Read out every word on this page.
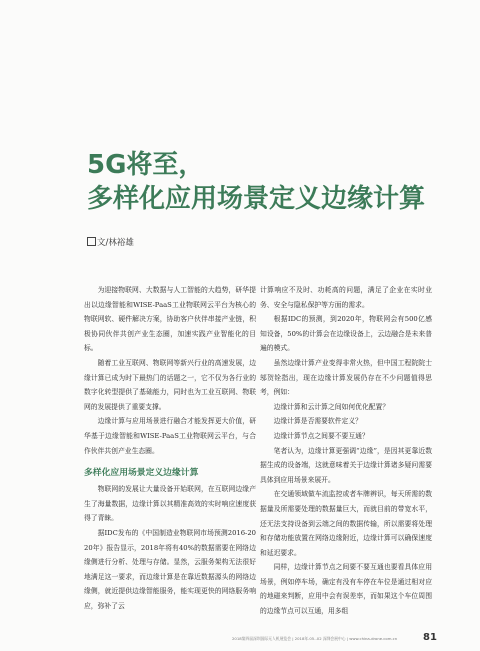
5G将至，
多样化应用场景定义边缘计算
文/林裕雄

为迎接物联网、大数据与人工智能的大趋势，研华提出以边缘智能和WISE-PaaS工业物联网云平台为核心的物联网软、硬件解决方案，协助客户伙伴串接产业链，积极协同伙伴共创产业生态圈，加速实践产业智能化的目标。

随着工业互联网、物联网等新兴行业的高速发展，边缘计算已成为时下最热门的话题之一，它不仅为各行业的数字化转型提供了基础能力，同时也为工业互联网、物联网的发展提供了重要支撑。

边缘计算与应用场景进行融合才能发挥更大价值，研华基于边缘智能和WISE-PaaS工业物联网云平台，与合作伙伴共创产业生态圈。

多样化应用场景定义边缘计算

物联网的发展让大量设备开始联网，在互联网边缘产生了海量数据，边缘计算以其精准高效的实时响应速度获得了青睐。

据IDC发布的《中国制造业物联网市场预测2016-2020年》报告显示，2018年将有40%的数据需要在网络边缘侧进行分析、处理与存储。显然，云服务架构无法很好地满足这一要求，而边缘计算是在靠近数据源头的网络边缘侧，就近提供边缘智能服务，能实现更快的网络服务响应，弥补了云

计算响应不及时、功耗高的问题，满足了企业在实时业务、安全与隐私保护等方面的需求。

根据IDC的预测，到2020年，物联网会有500亿感知设备，50%的计算会在边缘设备上，云边融合是未来普遍的模式。

虽然边缘计算产业变得非常火热，但中国工程院院士邬贺铨指出，现在边缘计算发展仍存在不少问题值得思考，例如：

边缘计算和云计算之间如何优化配置？

边缘计算是否需要软件定义？

边缘计算节点之间要不要互通？

笔者认为，边缘计算更强调“边缘”，是因其更靠近数据生成的设备端，这就意味着关于边缘计算诸多疑问需要具体到应用场景来展开。

在交通领域做车流监控或者车牌辨识，每天所需的数据量及所需要处理的数据量巨大，而就目前的带宽水平，还无法支持设备到云端之间的数据传输，所以需要将处理和存储功能放置在网络边缘附近，边缘计算可以确保速度和延迟要求。

同样，边缘计算节点之间要不要互通也要看具体应用场景，例如停车场，确定有没有车停在车位是通过相对应的地磁来判断，应用中会有误差率，而如果这个车位周围的边缘节点可以互通，用多组

2018第四届深圳国际无人机展览会 | 2018年.05-.02 深圳会展中心 | www.china-drone.com.cn	81
